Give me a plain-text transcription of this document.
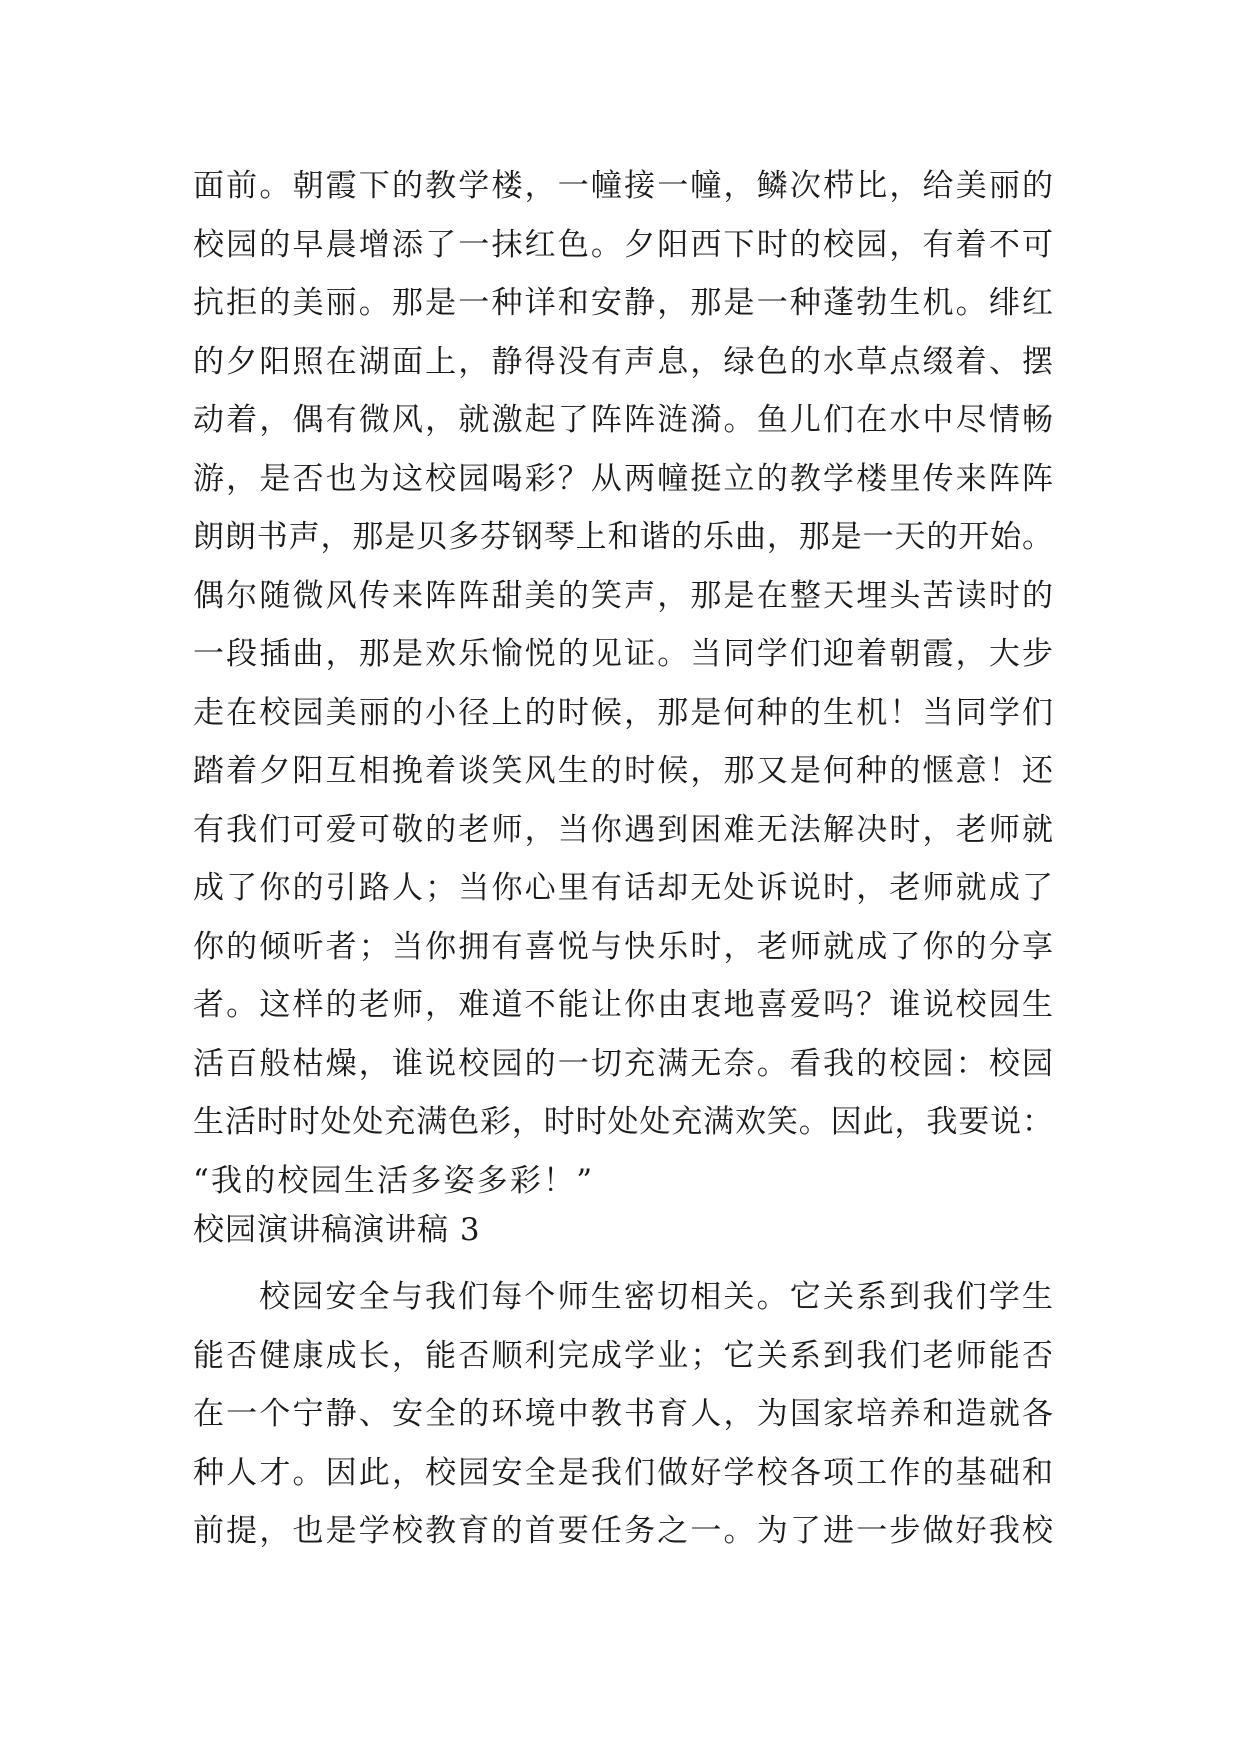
面前。朝霞下的教学楼，一幢接一幢，鳞次栉比，给美丽的
校园的早晨增添了一抹红色。夕阳西下时的校园，有着不可
抗拒的美丽。那是一种详和安静，那是一种蓬勃生机。绯红
的夕阳照在湖面上，静得没有声息，绿色的水草点缀着、摆
动着，偶有微风，就激起了阵阵涟漪。鱼儿们在水中尽情畅
游，是否也为这校园喝彩？从两幢挺立的教学楼里传来阵阵
朗朗书声，那是贝多芬钢琴上和谐的乐曲，那是一天的开始。
偶尔随微风传来阵阵甜美的笑声，那是在整天埋头苦读时的
一段插曲，那是欢乐愉悦的见证。当同学们迎着朝霞，大步
走在校园美丽的小径上的时候，那是何种的生机！当同学们
踏着夕阳互相挽着谈笑风生的时候，那又是何种的惬意！还
有我们可爱可敬的老师，当你遇到困难无法解决时，老师就
成了你的引路人；当你心里有话却无处诉说时，老师就成了
你的倾听者；当你拥有喜悦与快乐时，老师就成了你的分享
者。这样的老师，难道不能让你由衷地喜爱吗？谁说校园生
活百般枯燥，谁说校园的一切充满无奈。看我的校园：校园
生活时时处处充满色彩，时时处处充满欢笑。因此，我要说：
“我的校园生活多姿多彩！”
校园演讲稿演讲稿 3
校园安全与我们每个师生密切相关。它关系到我们学生
能否健康成长，能否顺利完成学业；它关系到我们老师能否
在一个宁静、安全的环境中教书育人，为国家培养和造就各
种人才。因此，校园安全是我们做好学校各项工作的基础和
前提，也是学校教育的首要任务之一。为了进一步做好我校
